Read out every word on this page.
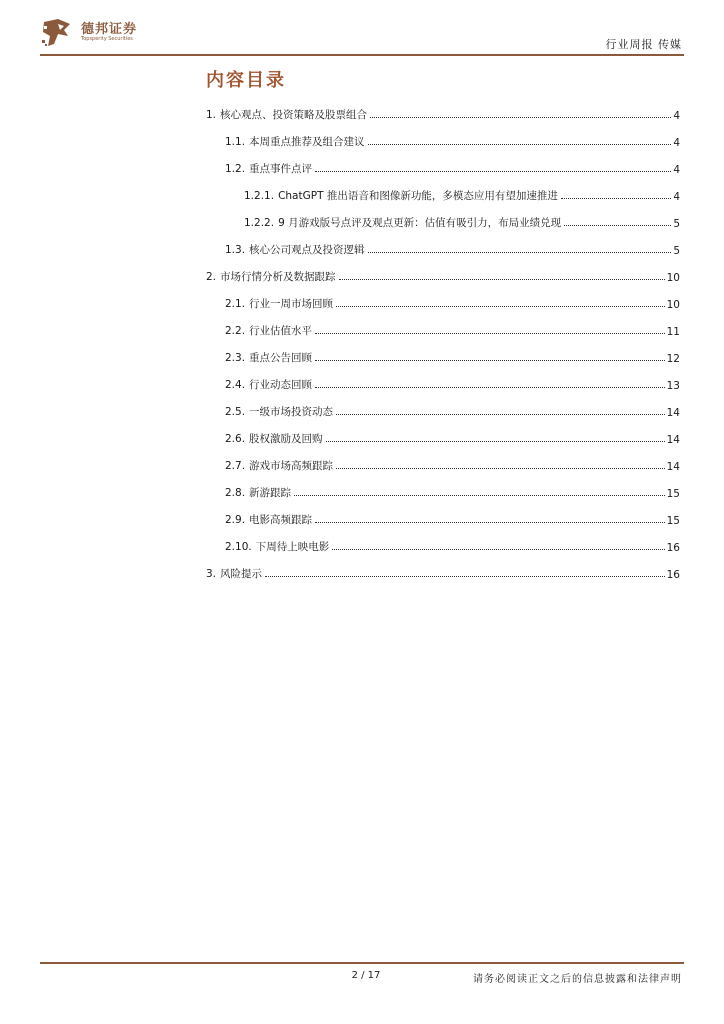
德邦证券
Topsperity Securities	行业周报 传媒
内容目录
1. 核心观点、投资策略及股票组合	4
1.1. 本周重点推荐及组合建议	4
1.2. 重点事件点评	4
1.2.1. ChatGPT 推出语音和图像新功能，多模态应用有望加速推进	4
1.2.2. 9 月游戏版号点评及观点更新：估值有吸引力，布局业绩兑现	5
1.3. 核心公司观点及投资逻辑	5
2. 市场行情分析及数据跟踪	10
2.1. 行业一周市场回顾	10
2.2. 行业估值水平	11
2.3. 重点公告回顾	12
2.4. 行业动态回顾	13
2.5. 一级市场投资动态	14
2.6. 股权激励及回购	14
2.7. 游戏市场高频跟踪	14
2.8. 新游跟踪	15
2.9. 电影高频跟踪	15
2.10. 下周待上映电影	16
3. 风险提示	16
2 / 17	请务必阅读正文之后的信息披露和法律声明
